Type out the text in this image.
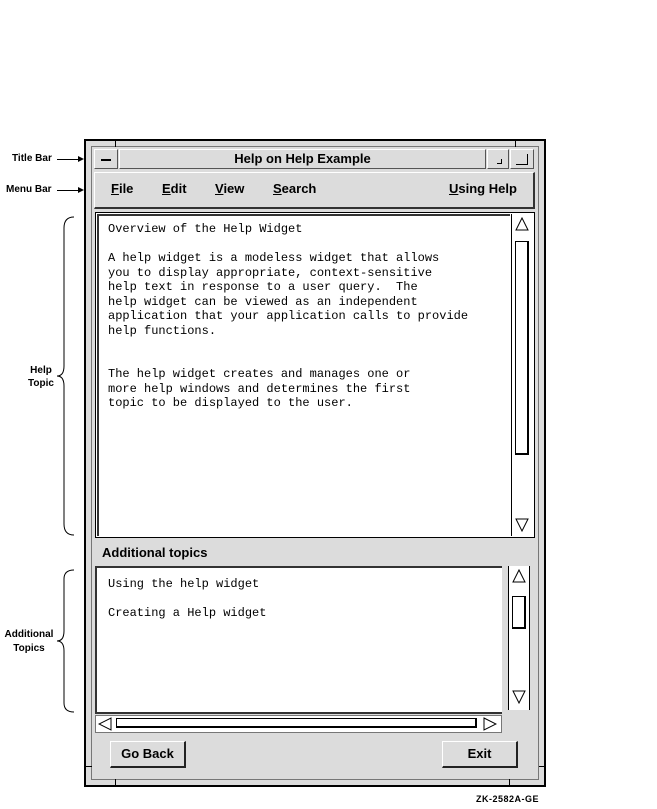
Title Bar
Menu Bar
Help
Topic
Additional
Topics
Help on Help Example
File Edit View Search	Using Help
Overview of the Help Widget

A help widget is a modeless widget that allows
you to display appropriate, context-sensitive
help text in response to a user query.  The
help widget can be viewed as an independent
application that your application calls to provide
help functions.

The help widget creates and manages one or
more help windows and determines the first
topic to be displayed to the user.
Additional topics
Using the help widget
Creating a Help widget
Go Back	Exit
ZK-2582A-GE
